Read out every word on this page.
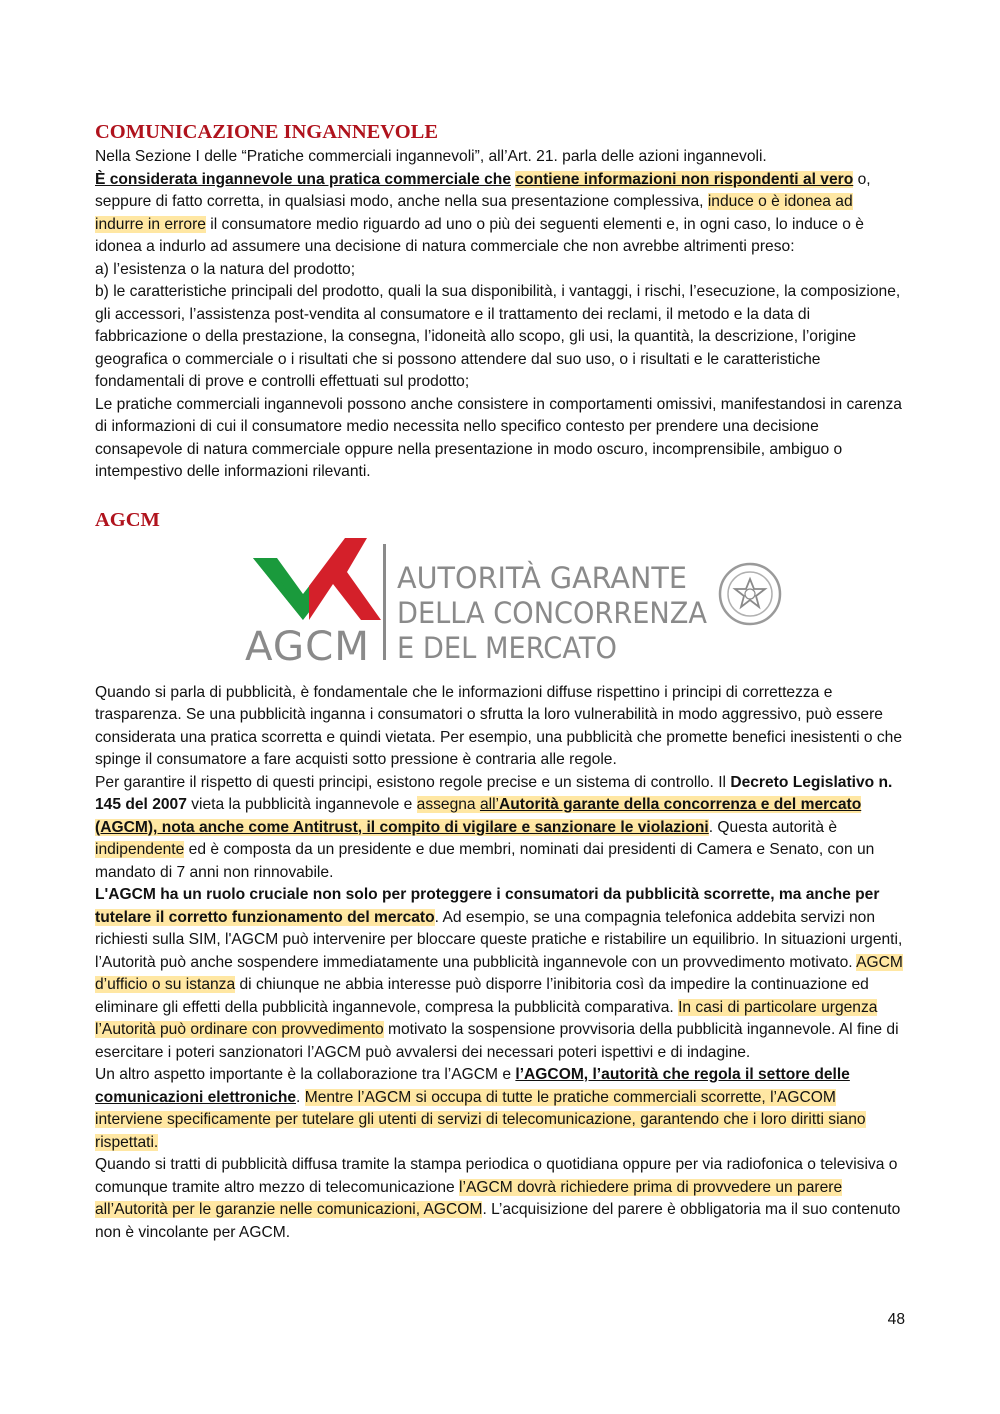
COMUNICAZIONE INGANNEVOLE

Nella Sezione I delle “Pratiche commerciali ingannevoli”, all’Art. 21. parla delle azioni ingannevoli.

È considerata ingannevole una pratica commerciale che contiene informazioni non rispondenti al vero o, seppure di fatto corretta, in qualsiasi modo, anche nella sua presentazione complessiva, induce o è idonea ad indurre in errore il consumatore medio riguardo ad uno o più dei seguenti elementi e, in ogni caso, lo induce o è idonea a indurlo ad assumere una decisione di natura commerciale che non avrebbe altrimenti preso:

a) l’esistenza o la natura del prodotto;

b) le caratteristiche principali del prodotto, quali la sua disponibilità, i vantaggi, i rischi, l’esecuzione, la composizione, gli accessori, l’assistenza post-vendita al consumatore e il trattamento dei reclami, il metodo e la data di fabbricazione o della prestazione, la consegna, l’idoneità allo scopo, gli usi, la quantità, la descrizione, l’origine geografica o commerciale o i risultati che si possono attendere dal suo uso, o i risultati e le caratteristiche fondamentali di prove e controlli effettuati sul prodotto;

Le pratiche commerciali ingannevoli possono anche consistere in comportamenti omissivi, manifestandosi in carenza di informazioni di cui il consumatore medio necessita nello specifico contesto per prendere una decisione consapevole di natura commerciale oppure nella presentazione in modo oscuro, incomprensibile, ambiguo o intempestivo delle informazioni rilevanti.

AGCM
AGCM
AUTORITÀ GARANTE
DELLA CONCORRENZA
E DEL MERCATO

Quando si parla di pubblicità, è fondamentale che le informazioni diffuse rispettino i principi di correttezza e trasparenza. Se una pubblicità inganna i consumatori o sfrutta la loro vulnerabilità in modo aggressivo, può essere considerata una pratica scorretta e quindi vietata. Per esempio, una pubblicità che promette benefici inesistenti o che spinge il consumatore a fare acquisti sotto pressione è contraria alle regole.

Per garantire il rispetto di questi principi, esistono regole precise e un sistema di controllo. Il Decreto Legislativo n. 145 del 2007 vieta la pubblicità ingannevole e assegna all’Autorità garante della concorrenza e del mercato (AGCM), nota anche come Antitrust, il compito di vigilare e sanzionare le violazioni. Questa autorità è indipendente ed è composta da un presidente e due membri, nominati dai presidenti di Camera e Senato, con un mandato di 7 anni non rinnovabile.

L'AGCM ha un ruolo cruciale non solo per proteggere i consumatori da pubblicità scorrette, ma anche per tutelare il corretto funzionamento del mercato. Ad esempio, se una compagnia telefonica addebita servizi non richiesti sulla SIM, l'AGCM può intervenire per bloccare queste pratiche e ristabilire un equilibrio. In situazioni urgenti, l’Autorità può anche sospendere immediatamente una pubblicità ingannevole con un provvedimento motivato. AGCM d’ufficio o su istanza di chiunque ne abbia interesse può disporre l’inibitoria così da impedire la continuazione ed eliminare gli effetti della pubblicità ingannevole, compresa la pubblicità comparativa. In casi di particolare urgenza l’Autorità può ordinare con provvedimento motivato la sospensione provvisoria della pubblicità ingannevole. Al fine di esercitare i poteri sanzionatori l’AGCM può avvalersi dei necessari poteri ispettivi e di indagine.

Un altro aspetto importante è la collaborazione tra l’AGCM e l’AGCOM, l’autorità che regola il settore delle comunicazioni elettroniche. Mentre l’AGCM si occupa di tutte le pratiche commerciali scorrette, l’AGCOM interviene specificamente per tutelare gli utenti di servizi di telecomunicazione, garantendo che i loro diritti siano rispettati.

Quando si tratti di pubblicità diffusa tramite la stampa periodica o quotidiana oppure per via radiofonica o televisiva o comunque tramite altro mezzo di telecomunicazione l’AGCM dovrà richiedere prima di provvedere un parere all’Autorità per le garanzie nelle comunicazioni, AGCOM. L’acquisizione del parere è obbligatoria ma il suo contenuto non è vincolante per AGCM.

48
